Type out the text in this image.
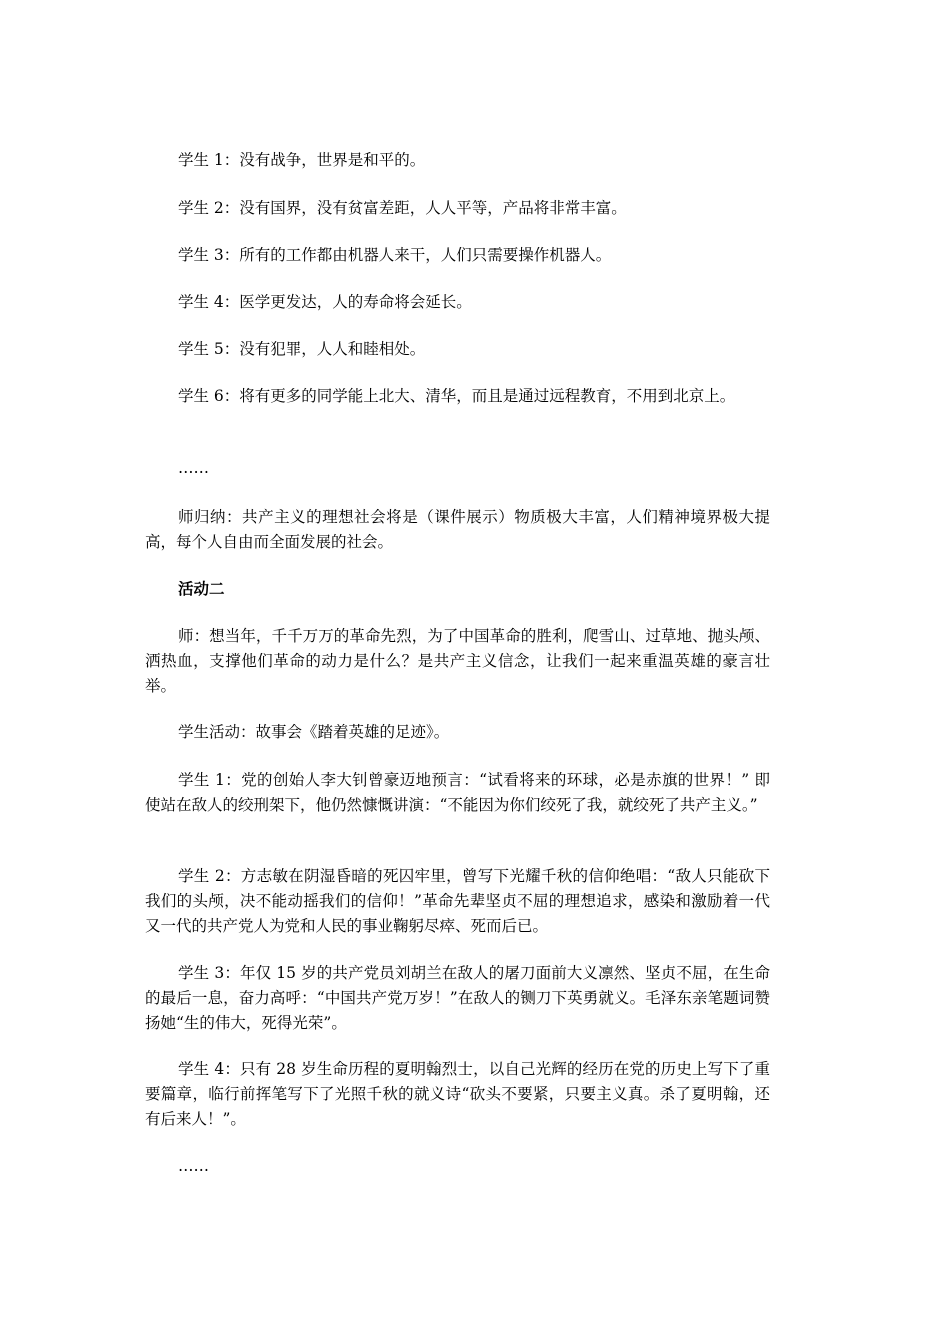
学生 1：没有战争，世界是和平的。

学生 2：没有国界，没有贫富差距，人人平等，产品将非常丰富。

学生 3：所有的工作都由机器人来干，人们只需要操作机器人。

学生 4：医学更发达，人的寿命将会延长。

学生 5：没有犯罪，人人和睦相处。

学生 6：将有更多的同学能上北大、清华，而且是通过远程教育，不用到北京上。

……

师归纳：共产主义的理想社会将是（课件展示）物质极大丰富，人们精神境界极大提高，每个人自由而全面发展的社会。

活动二

师：想当年，千千万万的革命先烈，为了中国革命的胜利，爬雪山、过草地、抛头颅、洒热血，支撑他们革命的动力是什么？是共产主义信念，让我们一起来重温英雄的豪言壮举。

学生活动：故事会《踏着英雄的足迹》。

学生 1：党的创始人李大钊曾豪迈地预言：“试看将来的环球，必是赤旗的世界！” 即使站在敌人的绞刑架下，他仍然慷慨讲演：“不能因为你们绞死了我，就绞死了共产主义。”

学生 2：方志敏在阴湿昏暗的死囚牢里，曾写下光耀千秋的信仰绝唱：“敌人只能砍下我们的头颅，决不能动摇我们的信仰！”革命先辈坚贞不屈的理想追求，感染和激励着一代又一代的共产党人为党和人民的事业鞠躬尽瘁、死而后已。

学生 3：年仅 15 岁的共产党员刘胡兰在敌人的屠刀面前大义凛然、坚贞不屈，在生命的最后一息，奋力高呼：“中国共产党万岁！”在敌人的铡刀下英勇就义。毛泽东亲笔题词赞扬她“生的伟大，死得光荣”。

学生 4：只有 28 岁生命历程的夏明翰烈士，以自己光辉的经历在党的历史上写下了重要篇章，临行前挥笔写下了光照千秋的就义诗“砍头不要紧，只要主义真。杀了夏明翰，还有后来人！”。

……
